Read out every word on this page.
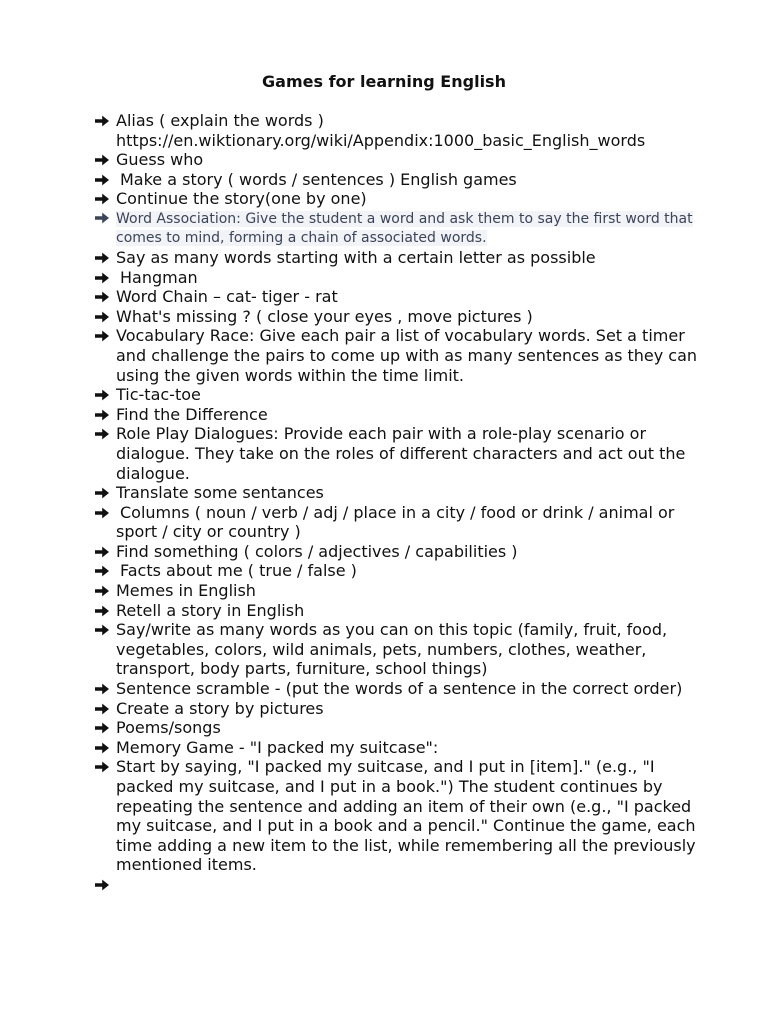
Games for learning English
Alias ( explain the words )
https://en.wiktionary.org/wiki/Appendix:1000_basic_English_words
Guess who
Make a story ( words / sentences ) English games
Continue the story(one by one)
Word Association: Give the student a word and ask them to say the first word that comes to mind, forming a chain of associated words.
Say as many words starting with a certain letter as possible
Hangman
Word Chain – cat- tiger - rat
What's missing ? ( close your eyes , move pictures )
Vocabulary Race: Give each pair a list of vocabulary words. Set a timer and challenge the pairs to come up with as many sentences as they can using the given words within the time limit.
Tic-tac-toe
Find the Difference
Role Play Dialogues: Provide each pair with a role-play scenario or dialogue. They take on the roles of different characters and act out the dialogue.
Translate some sentances
Columns ( noun / verb / adj / place in a city / food or drink / animal or sport / city or country )
Find something ( colors / adjectives / capabilities )
Facts about me ( true / false )
Memes in English
Retell a story in English
Say/write as many words as you can on this topic (family, fruit, food, vegetables, colors, wild animals, pets, numbers, clothes, weather, transport, body parts, furniture, school things)
Sentence scramble - (put the words of a sentence in the correct order)
Create a story by pictures
Poems/songs
Memory Game - "I packed my suitcase":
Start by saying, "I packed my suitcase, and I put in [item]." (e.g., "I packed my suitcase, and I put in a book.") The student continues by repeating the sentence and adding an item of their own (e.g., "I packed my suitcase, and I put in a book and a pencil." Continue the game, each time adding a new item to the list, while remembering all the previously mentioned items.
